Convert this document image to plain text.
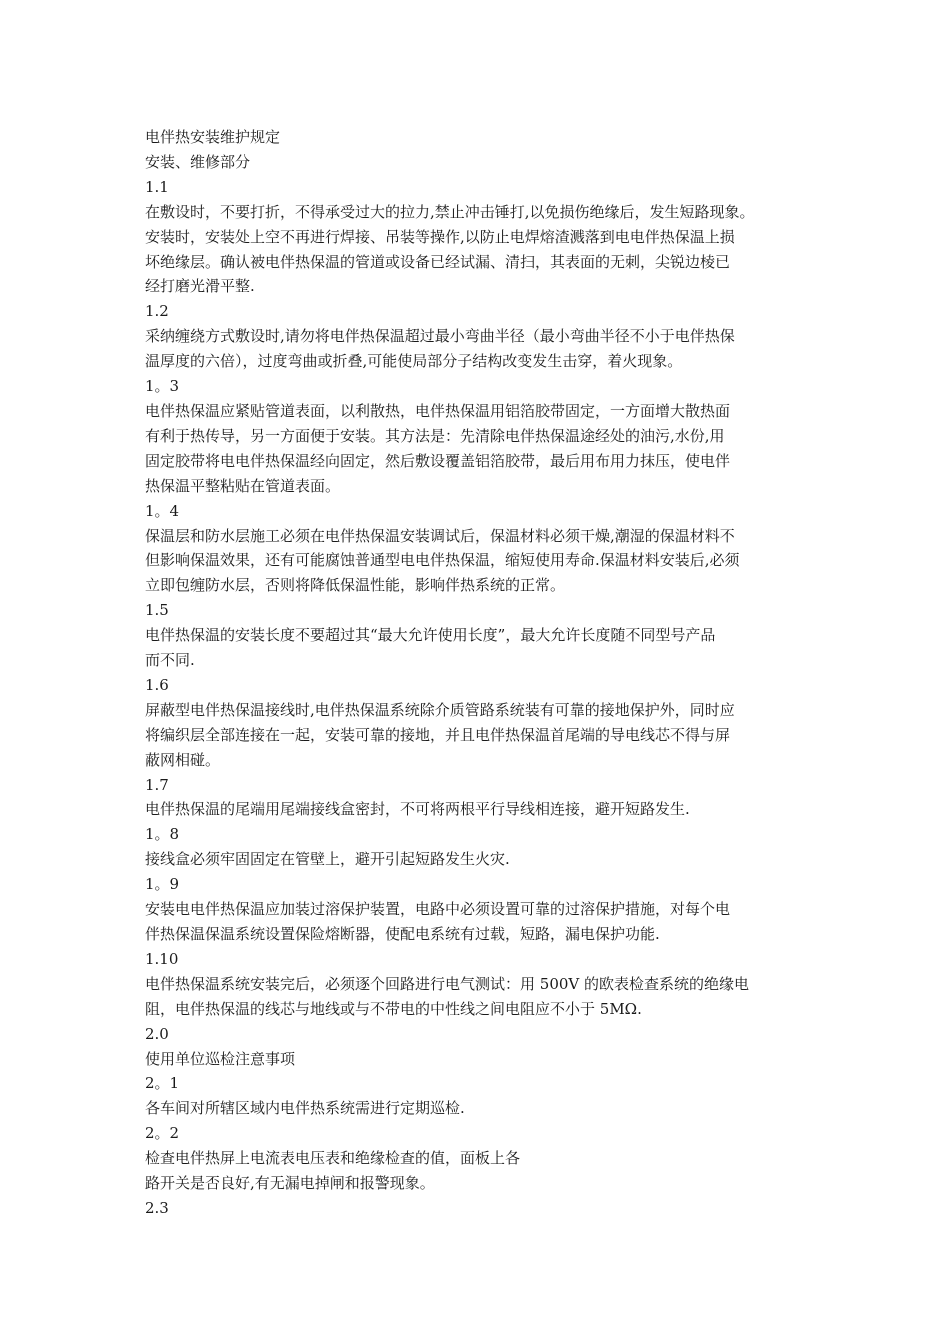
电伴热安装维护规定
安装、维修部分
1.1
在敷设时，不要打折，不得承受过大的拉力,禁止冲击锤打,以免损伤绝缘后，发生短路现象。
安装时，安装处上空不再进行焊接、吊装等操作,以防止电焊熔渣溅落到电电伴热保温上损
坏绝缘层。确认被电伴热保温的管道或设备已经试漏、清扫，其表面的无刺，尖锐边棱已
经打磨光滑平整.
1.2
采纳缠绕方式敷设时,请勿将电伴热保温超过最小弯曲半径（最小弯曲半径不小于电伴热保
温厚度的六倍），过度弯曲或折叠,可能使局部分子结构改变发生击穿，着火现象。
1。3
电伴热保温应紧贴管道表面，以利散热，电伴热保温用铝箔胶带固定，一方面增大散热面
有利于热传导，另一方面便于安装。其方法是：先清除电伴热保温途经处的油污,水份,用
固定胶带将电电伴热保温经向固定，然后敷设覆盖铝箔胶带，最后用布用力抹压，使电伴
热保温平整粘贴在管道表面。
1。4
保温层和防水层施工必须在电伴热保温安装调试后，保温材料必须干燥,潮湿的保温材料不
但影响保温效果，还有可能腐蚀普通型电电伴热保温，缩短使用寿命.保温材料安装后,必须
立即包缠防水层，否则将降低保温性能，影响伴热系统的正常。
1.5
电伴热保温的安装长度不要超过其“最大允许使用长度”，最大允许长度随不同型号产品
而不同.
1.6
屏蔽型电伴热保温接线时,电伴热保温系统除介质管路系统装有可靠的接地保护外，同时应
将编织层全部连接在一起，安装可靠的接地，并且电伴热保温首尾端的导电线芯不得与屏
蔽网相碰。
1.7
电伴热保温的尾端用尾端接线盒密封，不可将两根平行导线相连接，避开短路发生.
1。8
接线盒必须牢固固定在管壁上，避开引起短路发生火灾.
1。9
安装电电伴热保温应加装过溶保护装置，电路中必须设置可靠的过溶保护措施，对每个电
伴热保温保温系统设置保险熔断器，使配电系统有过载，短路，漏电保护功能.
1.10
电伴热保温系统安装完后，必须逐个回路进行电气测试：用 500V 的欧表检查系统的绝缘电
阻，电伴热保温的线芯与地线或与不带电的中性线之间电阻应不小于 5MΩ.
2.0
使用单位巡检注意事项
2。1
各车间对所辖区域内电伴热系统需进行定期巡检.
2。2
检查电伴热屏上电流表电压表和绝缘检查的值，面板上各
路开关是否良好,有无漏电掉闸和报警现象。
2.3
